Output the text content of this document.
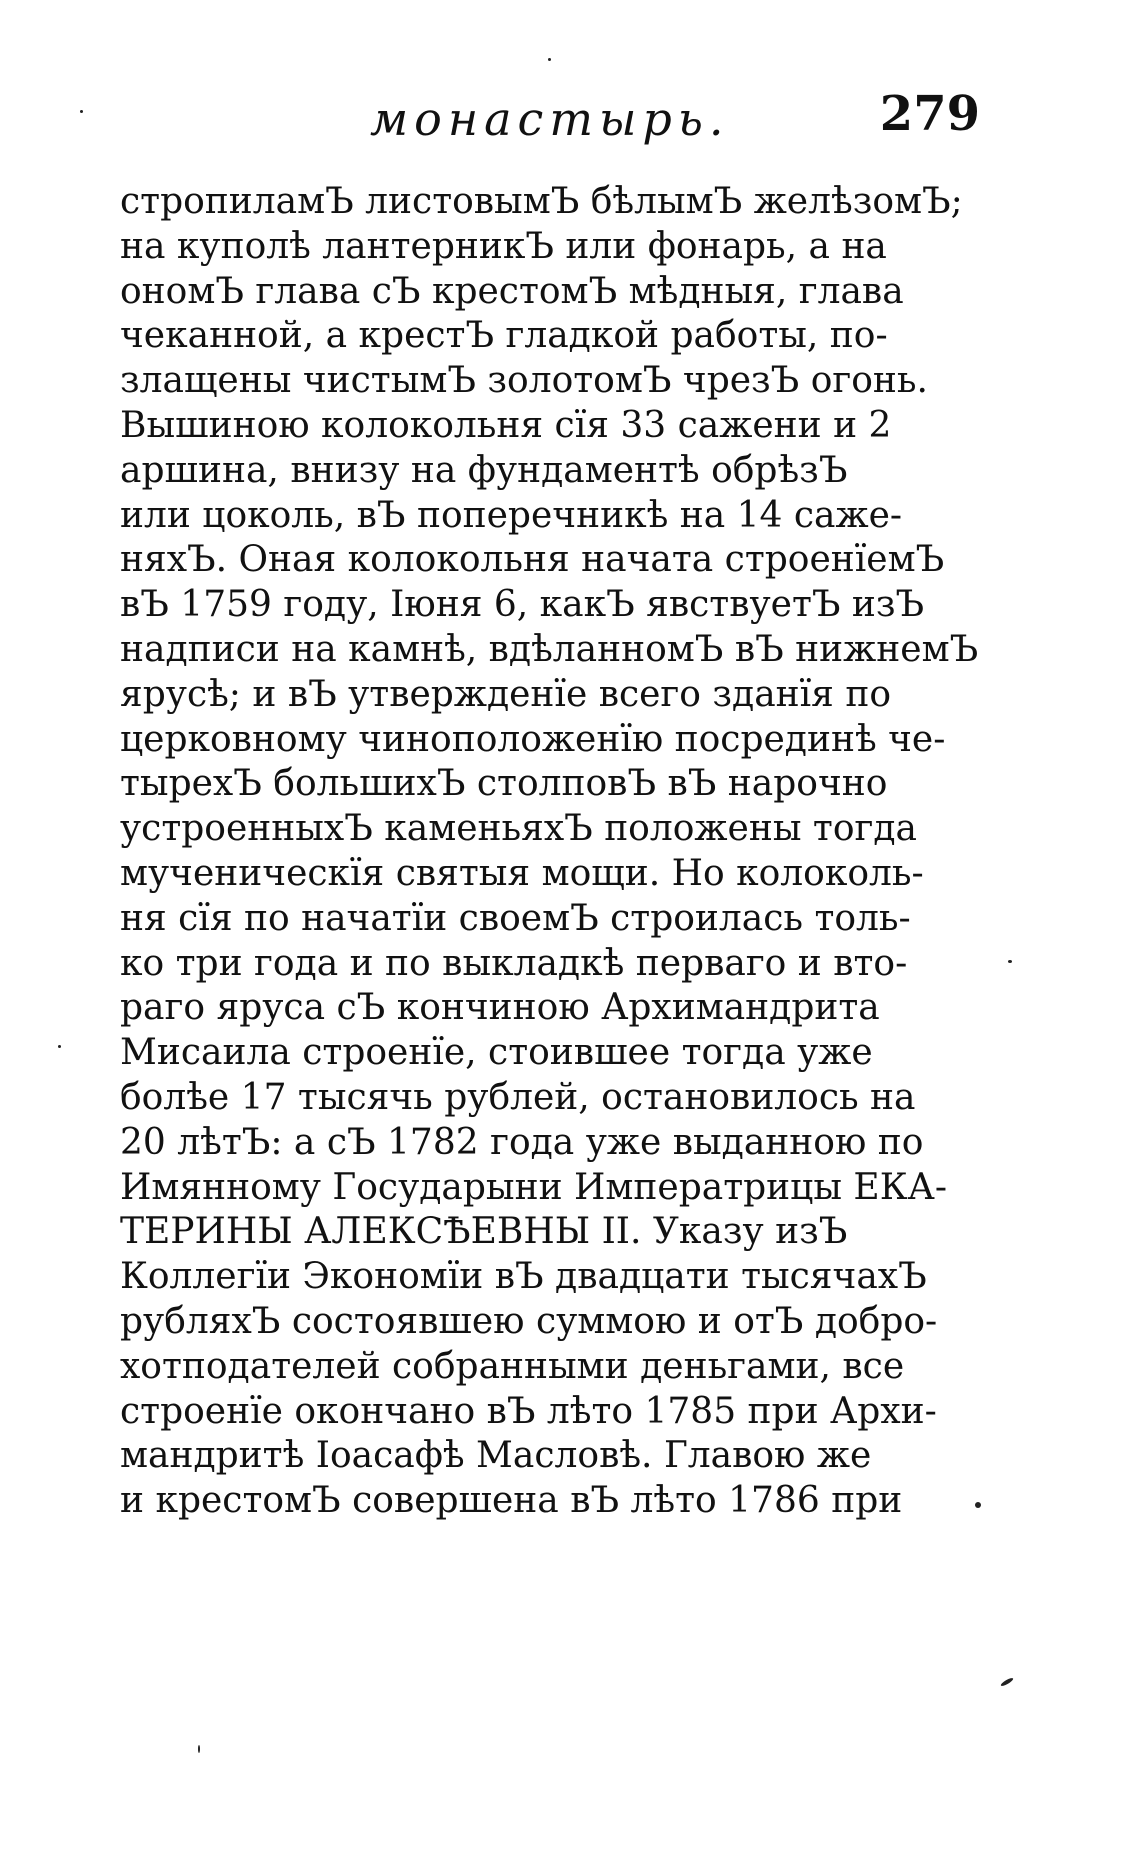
монастырь.	279
стропиламЪ листовымЪ бѣлымЪ желѣзомЪ;
на куполѣ лантерникЪ или фонарь, а на
ономЪ глава сЪ крестомЪ мѣдныя, глава
чеканной, а крестЪ гладкой работы, по-
злащены чистымЪ золотомЪ чрезЪ огонь.
Вышиною колокольня сїя 33 сажени и 2
аршина, внизу на фундаментѣ обрѣзЪ
или цоколь, вЪ поперечникѣ на 14 саже-
няхЪ. Оная колокольня начата строенїемЪ
вЪ 1759 году, Іюня 6, какЪ явствуетЪ изЪ
надписи на камнѣ, вдѣланномЪ вЪ нижнемЪ
ярусѣ; и вЪ утвержденїе всего зданїя по
церковному чиноположенїю посрединѣ че-
тырехЪ большихЪ столповЪ вЪ нарочно
устроенныхЪ каменьяхЪ положены тогда
мученическїя святыя мощи. Но колоколь-
ня сїя по начатїи своемЪ строилась толь-
ко три года и по выкладкѣ перваго и вто-
раго яруса сЪ кончиною Архимандрита
Мисаила строенїе, стоившее тогда уже
болѣе 17 тысячь рублей, остановилось на
20 лѣтЪ: а сЪ 1782 года уже выданною по
Имянному Государыни Императрицы ЕКА-
ТЕРИНЫ АЛЕКСѢЕВНЫ II. Указу изЪ
Коллегїи Экономїи вЪ двадцати тысячахЪ
рубляхЪ состоявшею суммою и отЪ добро-
хотподателей собранными деньгами, все
строенїе окончано вЪ лѣто 1785 при Архи-
мандритѣ Іоасафѣ Масловѣ. Главою же
и крестомЪ совершена вЪ лѣто 1786 при
